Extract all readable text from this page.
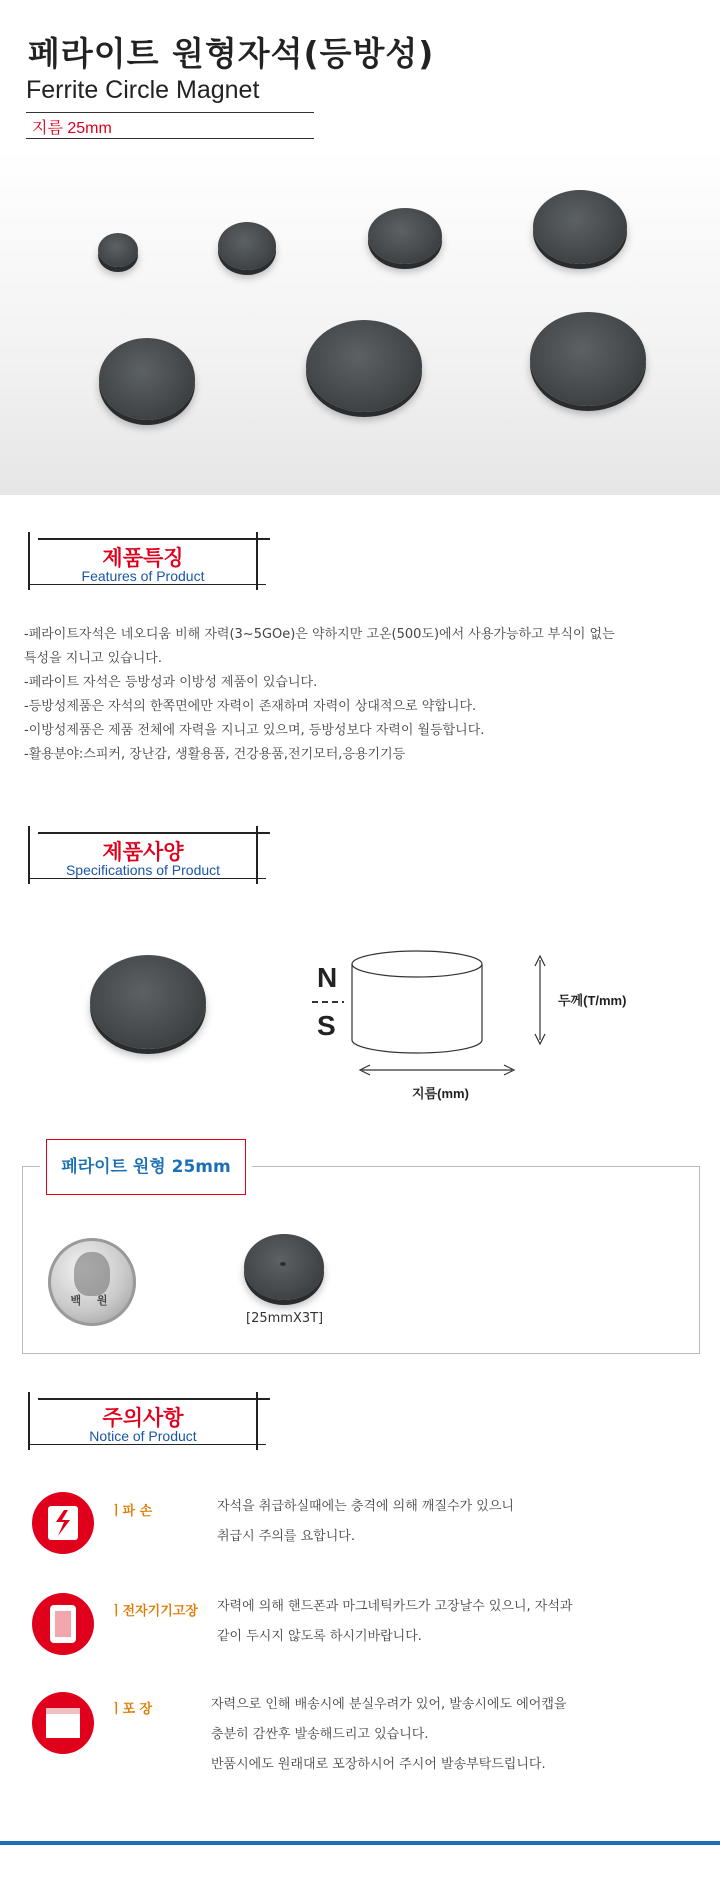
페라이트 원형자석(등방성)
Ferrite Circle Magnet
지름 25mm
제품특징
Features of Product
-페라이트자석은 네오디움 비해 자력(3~5GOe)은 약하지만 고온(500도)에서 사용가능하고 부식이 없는
특성을 지니고 있습니다.
-페라이트 자석은 등방성과 이방성 제품이 있습니다.
-등방성제품은 자석의 한쪽면에만 자력이 존재하며 자력이 상대적으로 약합니다.
-이방성제품은 제품 전체에 자력을 지니고 있으며, 등방성보다 자력이 월등합니다.
-활용분야:스피커, 장난감, 생활용품, 건강용품,전기모터,응용기기등
제품사양
Specifications of Product
N
S
두께(T/mm)
지름(mm)
페라이트 원형 25mm
백 원
[25mmX3T]
주의사항
Notice of Product
ㅣ파 손	자석을 취급하실때에는 충격에 의해 깨질수가 있으니
취급시 주의를 요합니다.
ㅣ전자기기고장 자력에 의해 핸드폰과 마그네틱카드가 고장날수 있으니, 자석과
같이 두시지 않도록 하시기바랍니다.
ㅣ포 장	자력으로 인해 배송시에 분실우려가 있어, 발송시에도 에어캡을
충분히 감싼후 발송해드리고 있습니다.
반품시에도 원래대로 포장하시어 주시어 발송부탁드립니다.
